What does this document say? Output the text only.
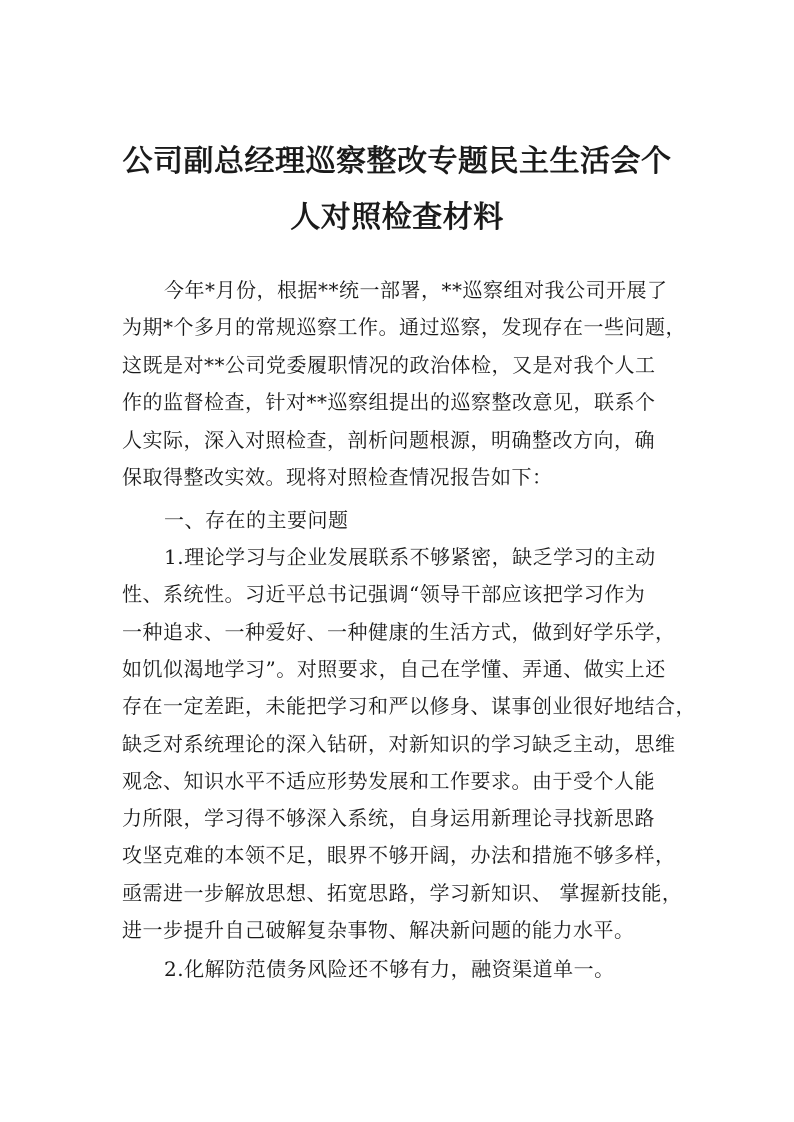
公司副总经理巡察整改专题民主生活会个
人对照检查材料
今年*月份，根据**统一部署，**巡察组对我公司开展了
为期*个多月的常规巡察工作。通过巡察，发现存在一些问题，
这既是对**公司党委履职情况的政治体检，又是对我个人工
作的监督检查，针对**巡察组提出的巡察整改意见，联系个
人实际，深入对照检查，剖析问题根源，明确整改方向，确
保取得整改实效。现将对照检查情况报告如下：
一、存在的主要问题
1.理论学习与企业发展联系不够紧密，缺乏学习的主动
性、系统性。习近平总书记强调“领导干部应该把学习作为
一种追求、一种爱好、一种健康的生活方式，做到好学乐学，
如饥似渴地学习”。对照要求，自己在学懂、弄通、做实上还
存在一定差距，未能把学习和严以修身、谋事创业很好地结合，
缺乏对系统理论的深入钻研，对新知识的学习缺乏主动，思维
观念、知识水平不适应形势发展和工作要求。由于受个人能
力所限，学习得不够深入系统，自身运用新理论寻找新思路
攻坚克难的本领不足，眼界不够开阔，办法和措施不够多样，
亟需进一步解放思想、拓宽思路，学习新知识、 掌握新技能，
进一步提升自己破解复杂事物、解决新问题的能力水平。
2.化解防范债务风险还不够有力，融资渠道单一。
